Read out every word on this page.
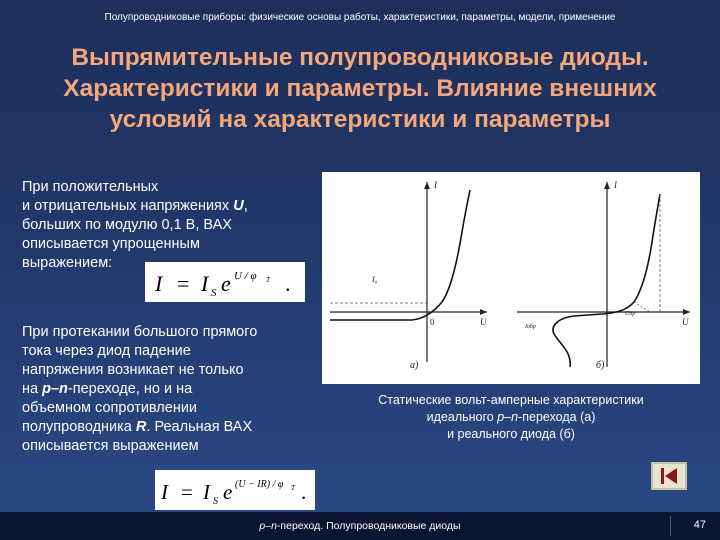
Полупроводниковые приборы: физические основы работы, характеристики, параметры, модели, применение
Выпрямительные полупроводниковые диоды.
Характеристики и параметры. Влияние внешних
условий на характеристики и параметры
При положительных
и отрицательных напряжениях U,
больших по модулю 0,1 В, ВАХ
описывается упрощенным
выражением:
I = I S e U / φ T .
При протекании большого прямого
тока через диод падение
напряжения возникает не только
на p–n-переходе, но и на
объемном сопротивлении
полупроводника R. Реальная ВАХ
описывается выражением
I = I S e (U − IR) / φ T .
I
U
0
I₀
а)
I
U
Uпр
Iобр
б)
Статические вольт-амперные характеристики
идеального p–n-перехода (а)
и реального диода (б)
p–n-переход. Полупроводниковые диоды	47
